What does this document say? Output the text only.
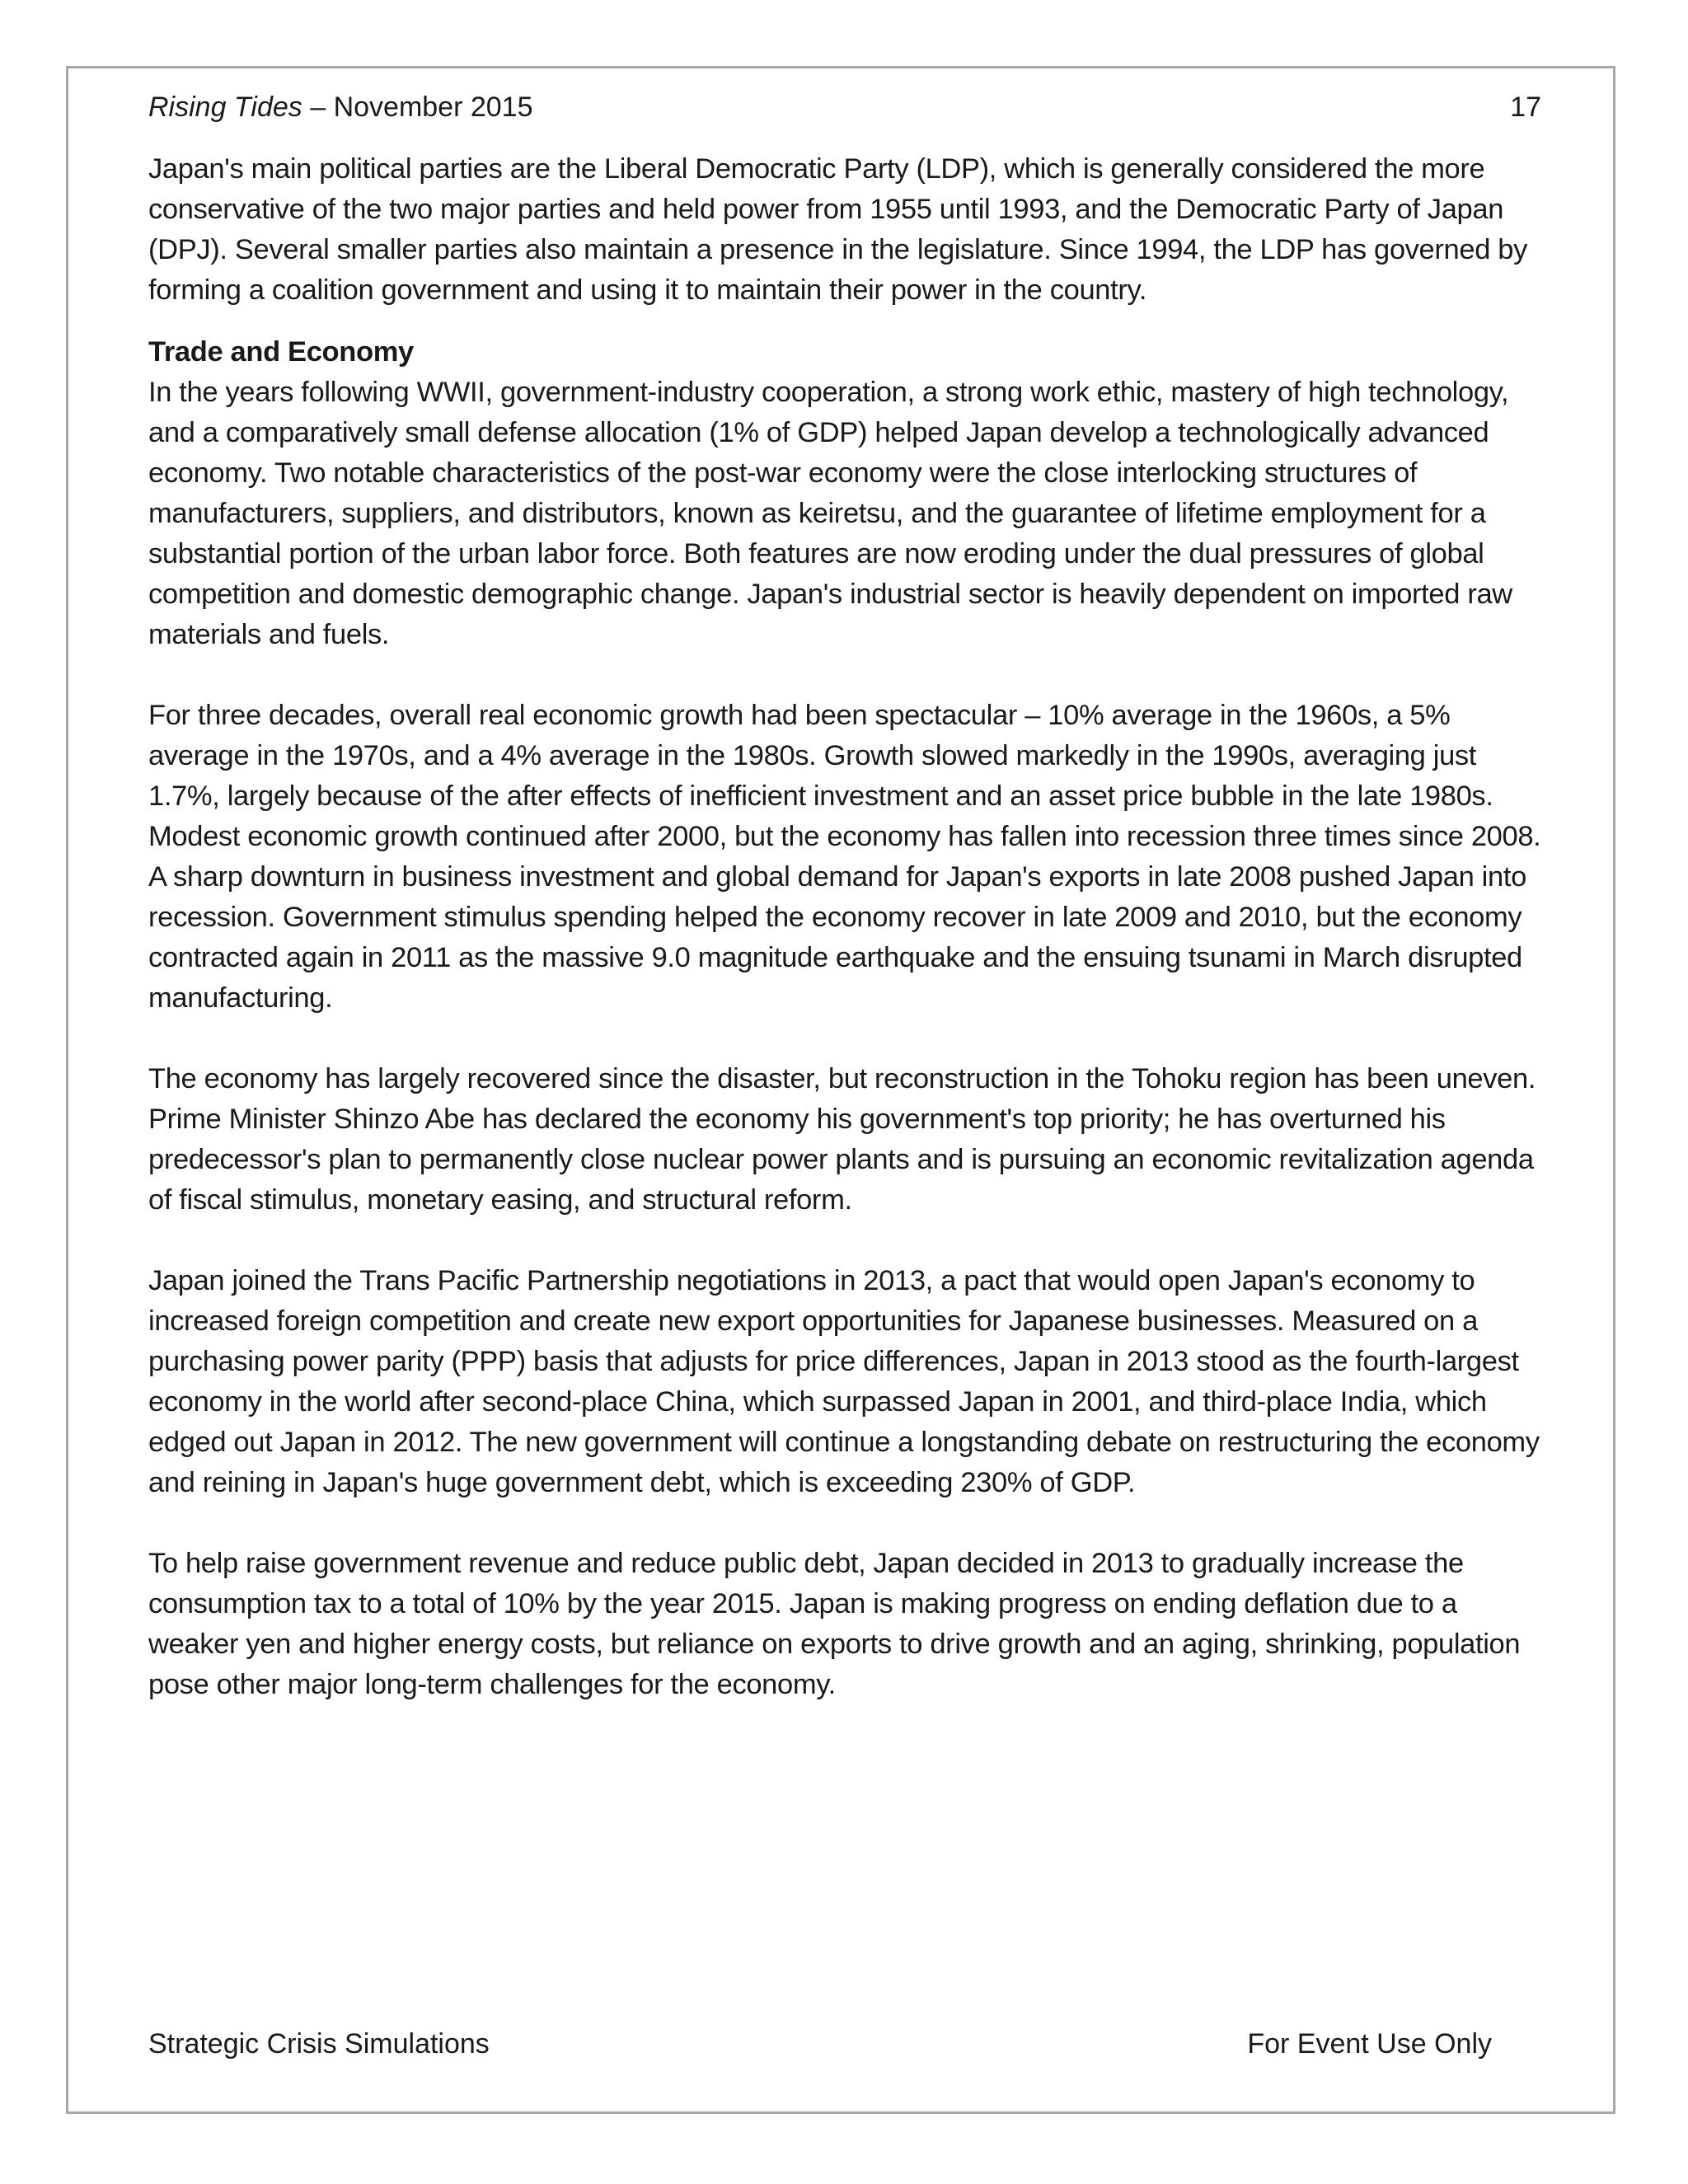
Rising Tides – November 2015	17

Japan's main political parties are the Liberal Democratic Party (LDP), which is generally considered the more conservative of the two major parties and held power from 1955 until 1993, and the Democratic Party of Japan (DPJ). Several smaller parties also maintain a presence in the legislature. Since 1994, the LDP has governed by forming a coalition government and using it to maintain their power in the country.

Trade and Economy

In the years following WWII, government-industry cooperation, a strong work ethic, mastery of high technology, and a comparatively small defense allocation (1% of GDP) helped Japan develop a technologically advanced economy. Two notable characteristics of the post-war economy were the close interlocking structures of manufacturers, suppliers, and distributors, known as keiretsu, and the guarantee of lifetime employment for a substantial portion of the urban labor force. Both features are now eroding under the dual pressures of global competition and domestic demographic change. Japan's industrial sector is heavily dependent on imported raw materials and fuels.

For three decades, overall real economic growth had been spectacular – 10% average in the 1960s, a 5% average in the 1970s, and a 4% average in the 1980s. Growth slowed markedly in the 1990s, averaging just 1.7%, largely because of the after effects of inefficient investment and an asset price bubble in the late 1980s. Modest economic growth continued after 2000, but the economy has fallen into recession three times since 2008. A sharp downturn in business investment and global demand for Japan's exports in late 2008 pushed Japan into recession. Government stimulus spending helped the economy recover in late 2009 and 2010, but the economy contracted again in 2011 as the massive 9.0 magnitude earthquake and the ensuing tsunami in March disrupted manufacturing.

The economy has largely recovered since the disaster, but reconstruction in the Tohoku region has been uneven. Prime Minister Shinzo Abe has declared the economy his government's top priority; he has overturned his predecessor's plan to permanently close nuclear power plants and is pursuing an economic revitalization agenda of fiscal stimulus, monetary easing, and structural reform.

Japan joined the Trans Pacific Partnership negotiations in 2013, a pact that would open Japan's economy to increased foreign competition and create new export opportunities for Japanese businesses. Measured on a purchasing power parity (PPP) basis that adjusts for price differences, Japan in 2013 stood as the fourth-largest economy in the world after second-place China, which surpassed Japan in 2001, and third-place India, which edged out Japan in 2012. The new government will continue a longstanding debate on restructuring the economy and reining in Japan's huge government debt, which is exceeding 230% of GDP.

To help raise government revenue and reduce public debt, Japan decided in 2013 to gradually increase the consumption tax to a total of 10% by the year 2015. Japan is making progress on ending deflation due to a weaker yen and higher energy costs, but reliance on exports to drive growth and an aging, shrinking, population pose other major long-term challenges for the economy.

Strategic Crisis Simulations	For Event Use Only
